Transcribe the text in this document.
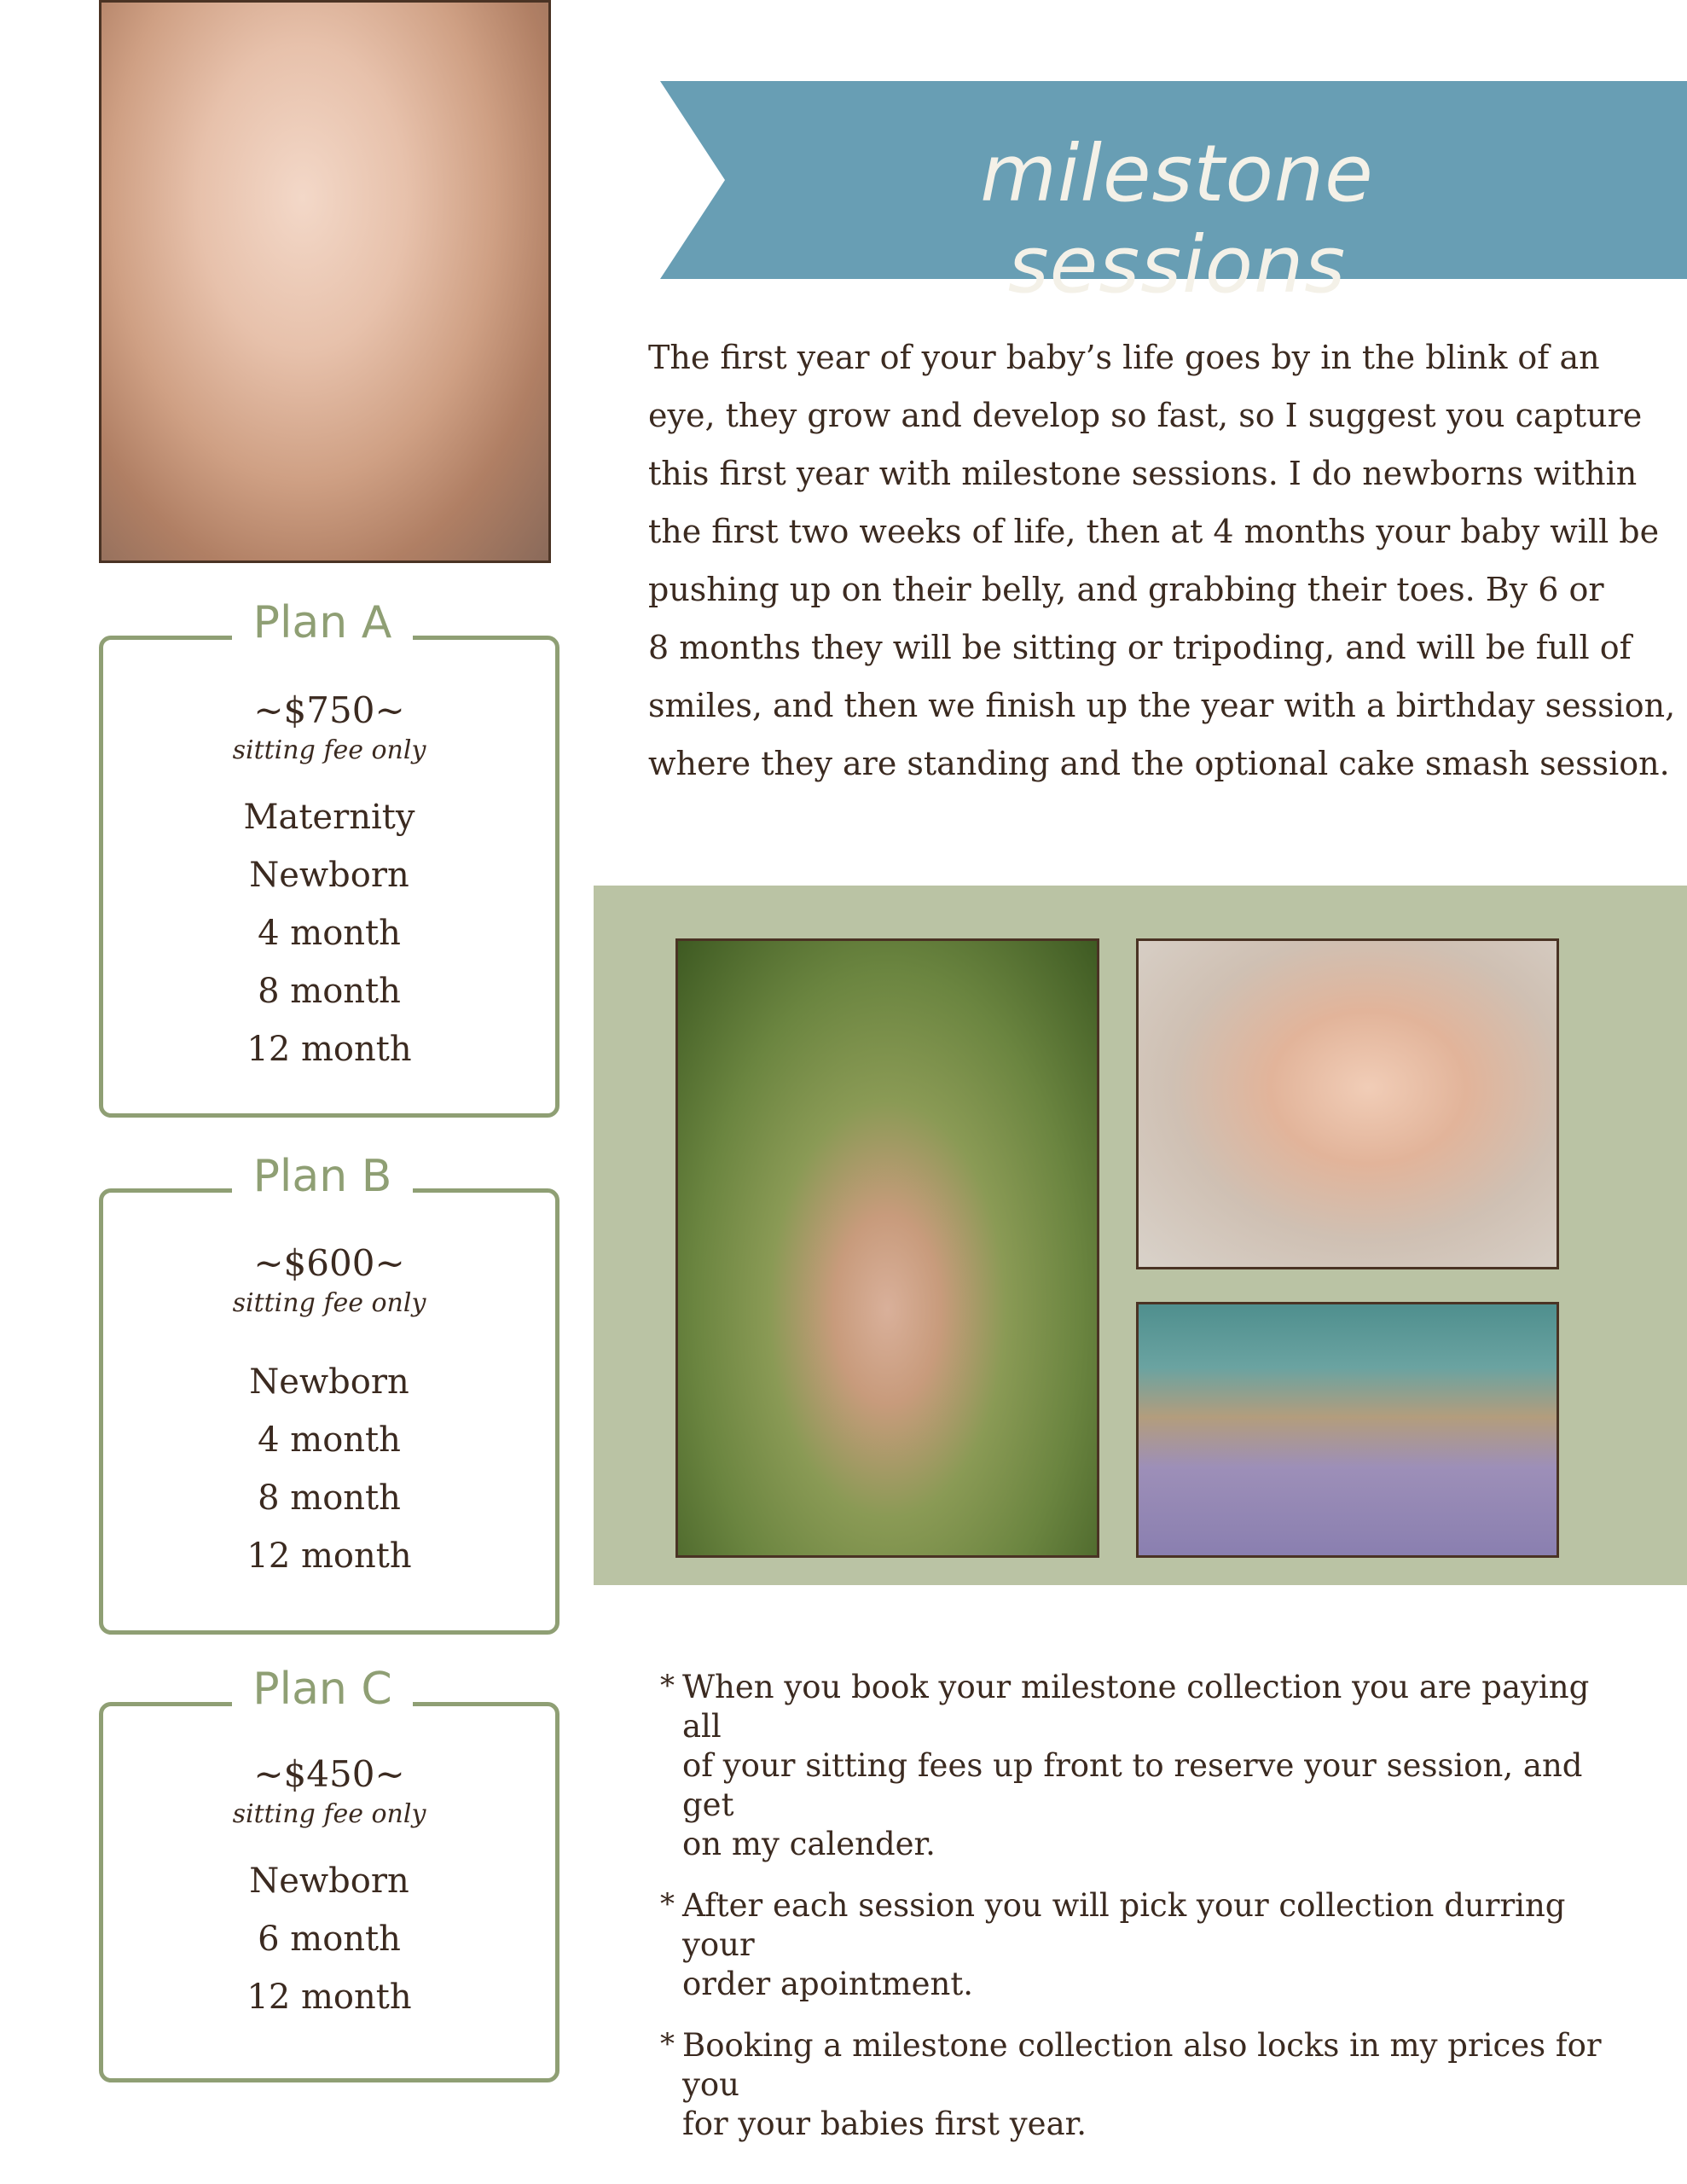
milestone sessions
The first year of your baby’s life goes by in the blink of an
eye, they grow and develop so fast, so I suggest you capture
this first year with milestone sessions. I do newborns within
the first two weeks of life, then at 4 months your baby will be
pushing up on their belly, and grabbing their toes. By 6 or
8 months they will be sitting or tripoding, and will be full of
smiles, and then we finish up the year with a birthday session,
where they are standing and the optional cake smash session.
Plan A
~$750~
sitting fee only
Maternity
Newborn
4 month
8 month
12 month
Plan B
~$600~
sitting fee only
Newborn
4 month
8 month
12 month
Plan C
~$450~
sitting fee only
Newborn
6 month
12 month
* When you book your milestone collection you are paying all
of your sitting fees up front to reserve your session, and get
on my calender.
* After each session you will pick your collection durring your
order apointment.
* Booking a milestone collection also locks in my prices for you
for your babies first year.
